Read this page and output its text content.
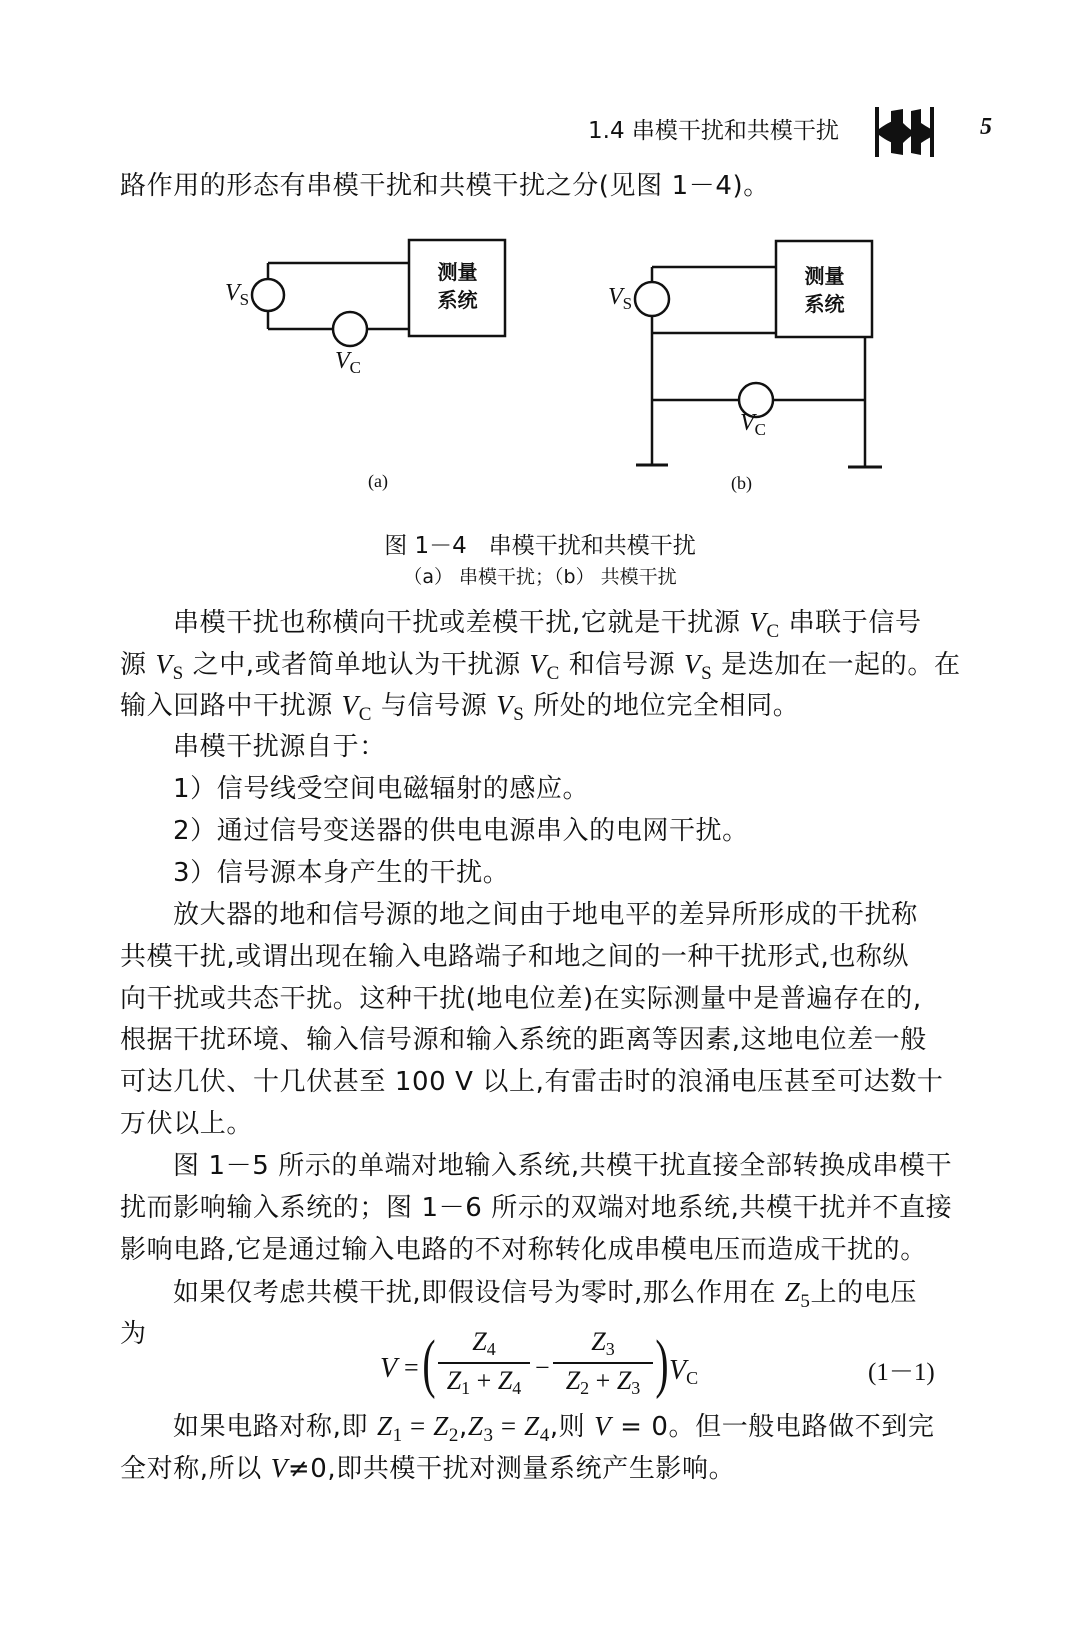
1.4 串模干扰和共模干扰	5
路作用的形态有串模干扰和共模干扰之分(见图 1－4)。
测量
系统
$V_S$
$V_C$
(a)
测量
系统
$V_S$
$V_C$
(b)
图 1－4   串模干扰和共模干扰
（a） 串模干扰；（b） 共模干扰
串模干扰也称横向干扰或差模干扰,它就是干扰源 $V_C$ 串联于信号
源 $V_S$ 之中,或者简单地认为干扰源 $V_C$ 和信号源 $V_S$ 是迭加在一起的。在
输入回路中干扰源 $V_C$ 与信号源 $V_S$ 所处的地位完全相同。
串模干扰源自于：
1）信号线受空间电磁辐射的感应。
2）通过信号变送器的供电电源串入的电网干扰。
3）信号源本身产生的干扰。
放大器的地和信号源的地之间由于地电平的差异所形成的干扰称
共模干扰,或谓出现在输入电路端子和地之间的一种干扰形式,也称纵
向干扰或共态干扰。这种干扰(地电位差)在实际测量中是普遍存在的,
根据干扰环境、输入信号源和输入系统的距离等因素,这地电位差一般
可达几伏、十几伏甚至 100 V 以上,有雷击时的浪涌电压甚至可达数十
万伏以上。
图 1－5 所示的单端对地输入系统,共模干扰直接全部转换成串模干
扰而影响输入系统的；图 1－6 所示的双端对地系统,共模干扰并不直接
影响电路,它是通过输入电路的不对称转化成串模电压而造成干扰的。
如果仅考虑共模干扰,即假设信号为零时,那么作用在 $Z_5$上的电压
为
V = (	Z4
Z1 + Z4
−
Z3
Z2 + Z3 ) VC	(1－1)
如果电路对称,即 $Z_1 = Z_2,Z_3 = Z_4$,则 V = 0。但一般电路做不到完
全对称,所以 V≠0,即共模干扰对测量系统产生影响。
